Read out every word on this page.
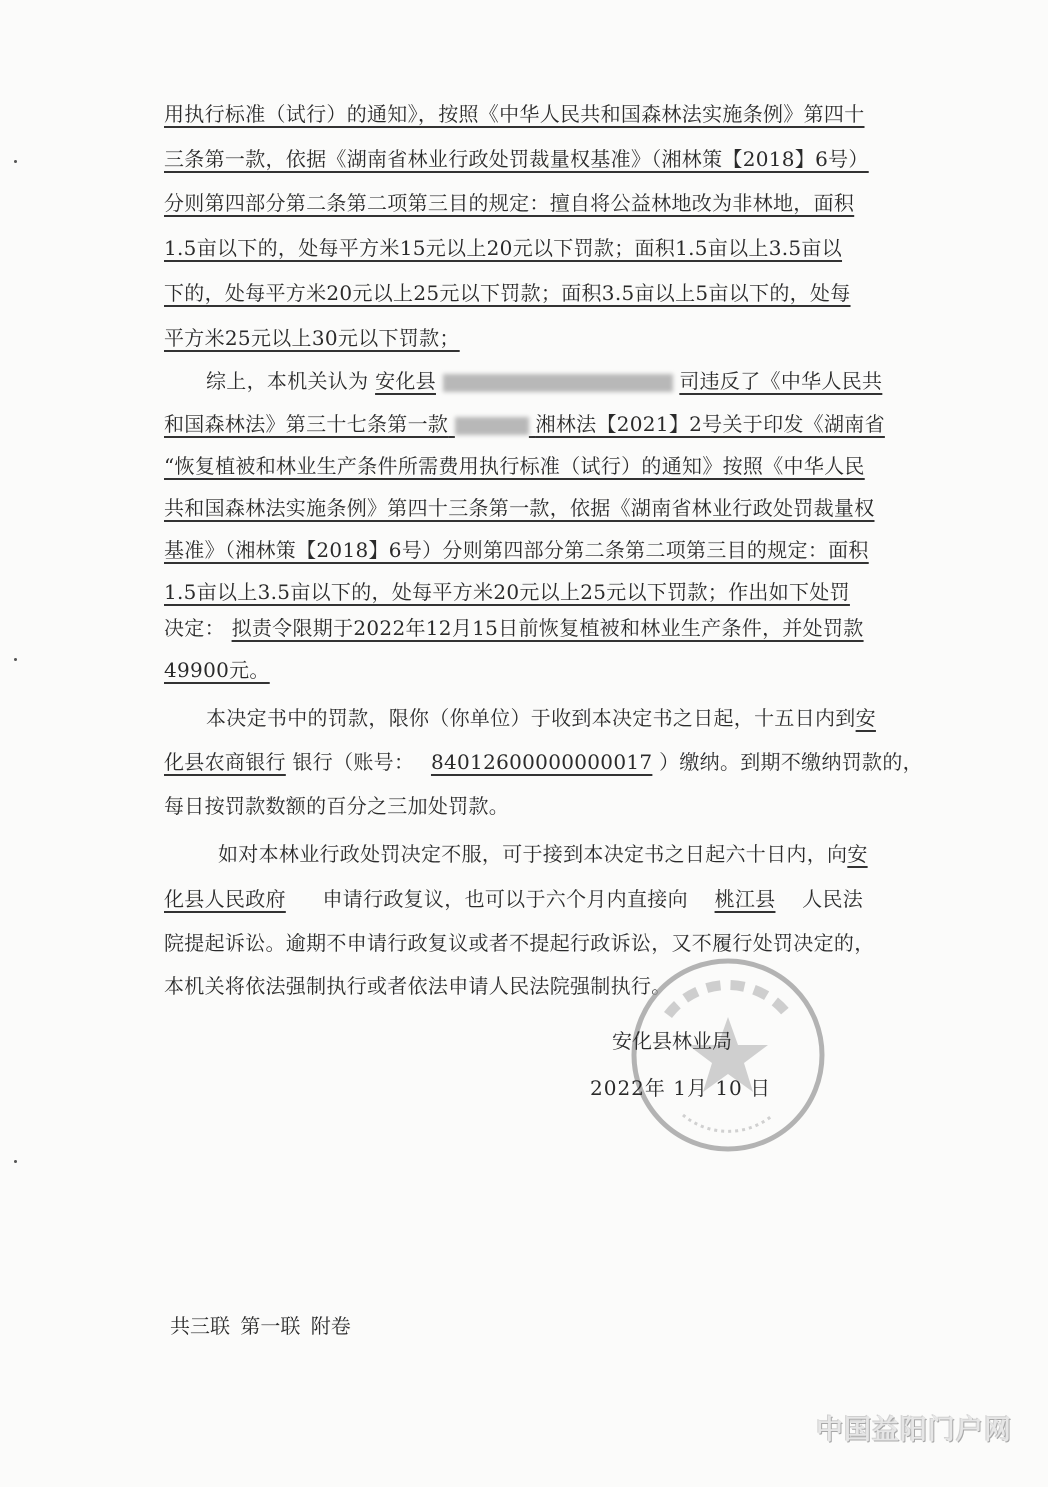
用执行标准（试行）的通知》，按照《中华人民共和国森林法实施条例》第四十
三条第一款，依据《湖南省林业行政处罚裁量权基准》（湘林策【2018】6号）
分则第四部分第二条第二项第三目的规定：擅自将公益林地改为非林地，面积
1.5亩以下的，处每平方米15元以上20元以下罚款；面积1.5亩以上3.5亩以
下的，处每平方米20元以上25元以下罚款；面积3.5亩以上5亩以下的，处每
平方米25元以上30元以下罚款；
综上，本机关认为 安化县	司违反了《中华人民共
和国森林法》第三十七条第一款	湘林法【2021】2号关于印发《湖南省
“恢复植被和林业生产条件所需费用执行标准（试行）的通知》按照《中华人民
共和国森林法实施条例》第四十三条第一款，依据《湖南省林业行政处罚裁量权
基准》（湘林策【2018】6号）分则第四部分第二条第二项第三目的规定：面积
1.5亩以上3.5亩以下的，处每平方米20元以上25元以下罚款；作出如下处罚
决定： 拟责令限期于2022年12月15日前恢复植被和林业生产条件，并处罚款
49900元。
本决定书中的罚款，限你（你单位）于收到本决定书之日起，十五日内到安
化县农商银行 银行（账号： 84012600000000017 ）缴纳。到期不缴纳罚款的，
每日按罚款数额的百分之三加处罚款。
如对本林业行政处罚决定不服，可于接到本决定书之日起六十日内，向安
化县人民政府 申请行政复议，也可以于六个月内直接向 桃江县 人民法
院提起诉讼。逾期不申请行政复议或者不提起行政诉讼，又不履行处罚决定的，
本机关将依法强制执行或者依法申请人民法院强制执行。
安化县林业局
2022年 1月 10 日
共三联 第一联 附卷
中国益阳门户网
